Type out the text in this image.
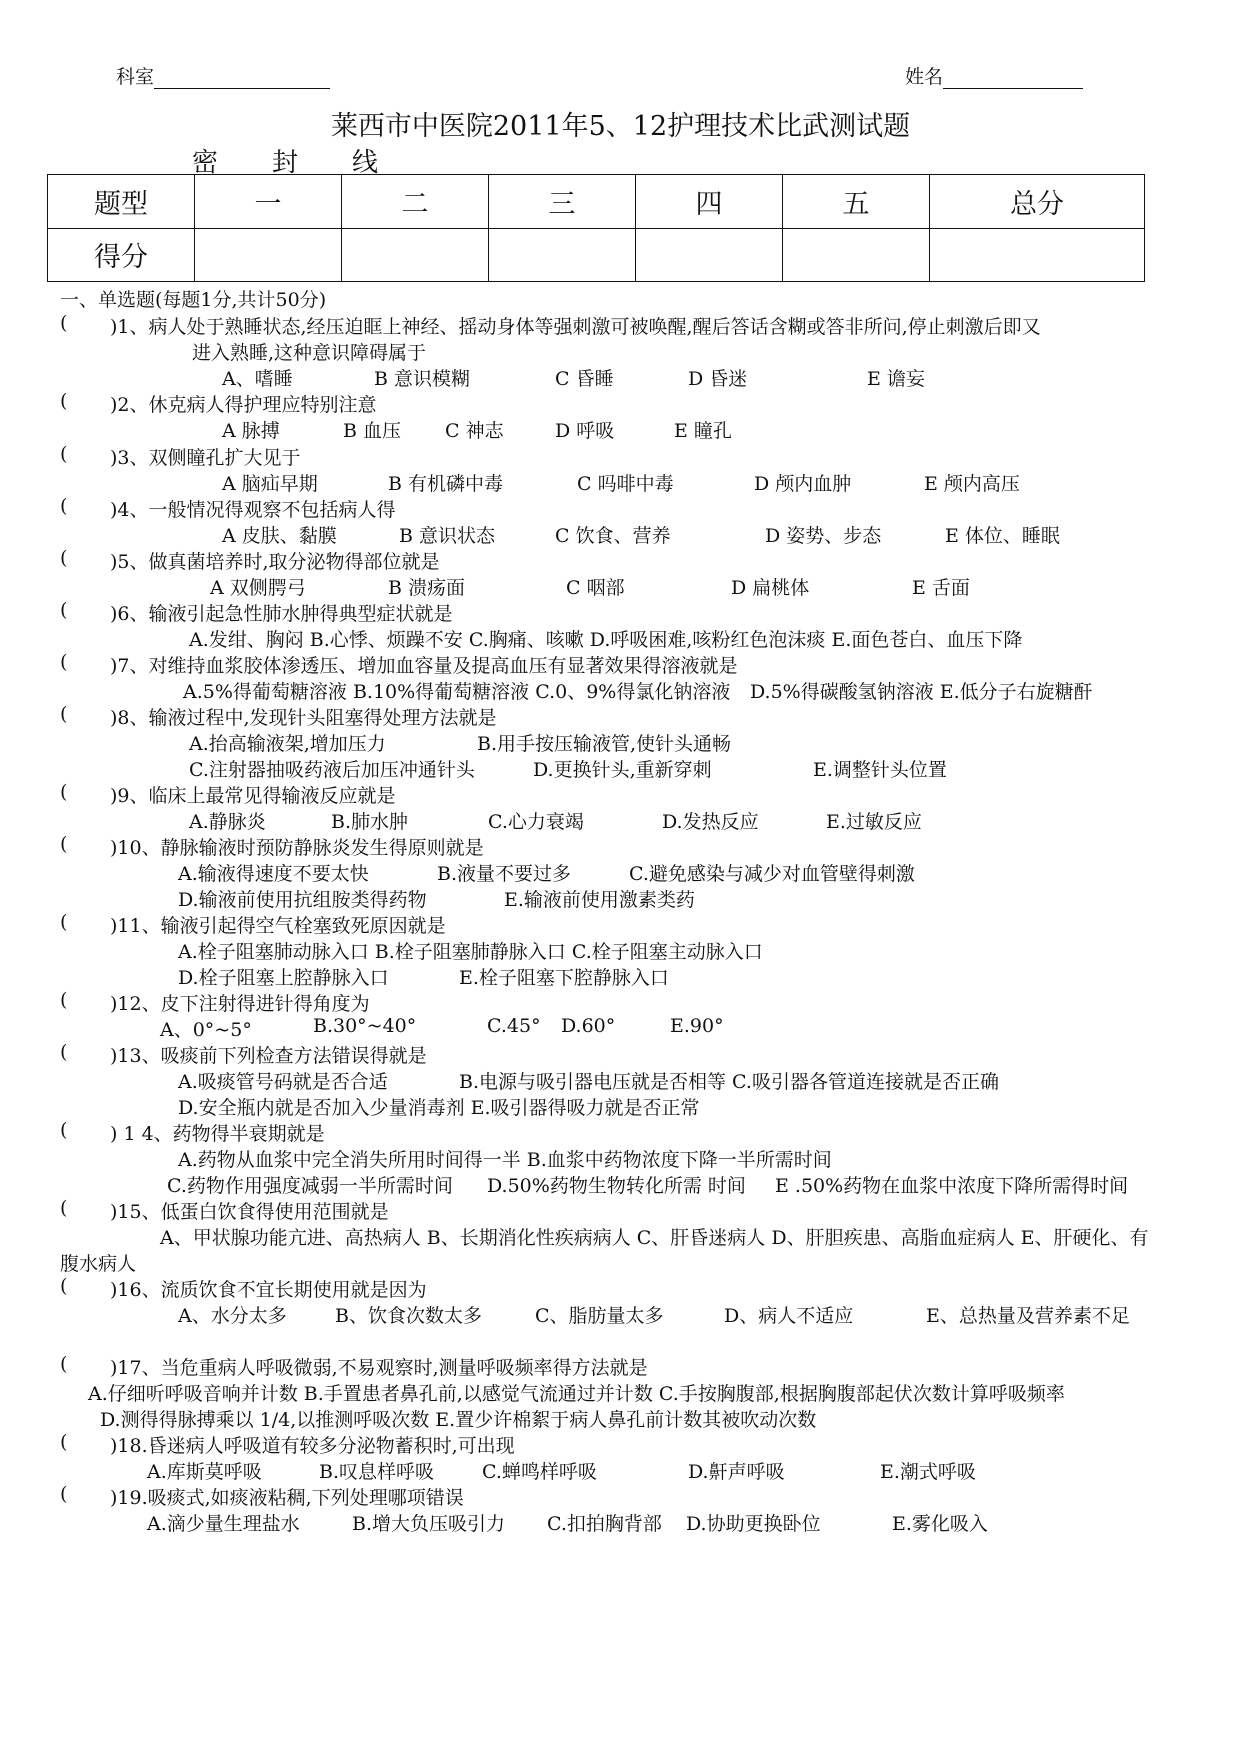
科室	姓名
莱西市中医院2011年5、12护理技术比武测试题
密封线
题型	一	二	三	四	五	总分
得分						
一、单选题(每题1分,共计50分)
( )1、病人处于熟睡状态,经压迫眶上神经、摇动身体等强刺激可被唤醒,醒后答话含糊或答非所问,停止刺激后即又
进入熟睡,这种意识障碍属于
A、嗜睡	B 意识模糊	C 昏睡	D 昏迷	E 谵妄
( )2、休克病人得护理应特别注意
A 脉搏	B 血压 C 神志	D 呼吸	E 瞳孔
( )3、双侧瞳孔扩大见于
A 脑疝早期	B 有机磷中毒	C 吗啡中毒	D 颅内血肿	E 颅内高压
( )4、一般情况得观察不包括病人得
A 皮肤、黏膜	B 意识状态	C 饮食、营养	D 姿势、步态	E 体位、睡眠
( )5、做真菌培养时,取分泌物得部位就是
A 双侧腭弓	B 溃疡面	C 咽部	D 扁桃体	E 舌面
( )6、输液引起急性肺水肿得典型症状就是
A.发绀、胸闷 B.心悸、烦躁不安 C.胸痛、咳嗽 D.呼吸困难,咳粉红色泡沫痰 E.面色苍白、血压下降
( )7、对维持血浆胶体渗透压、增加血容量及提高血压有显著效果得溶液就是
A.5%得葡萄糖溶液 B.10%得葡萄糖溶液 C.0、9%得氯化钠溶液 D.5%得碳酸氢钠溶液 E.低分子右旋糖酐
( )8、输液过程中,发现针头阻塞得处理方法就是
A.抬高输液架,增加压力	B.用手按压输液管,使针头通畅
C.注射器抽吸药液后加压冲通针头	D.更换针头,重新穿刺	E.调整针头位置
( )9、临床上最常见得输液反应就是
A.静脉炎	B.肺水肿	C.心力衰竭	D.发热反应	E.过敏反应
( )10、静脉输液时预防静脉炎发生得原则就是
A.输液得速度不要太快	B.液量不要过多	C.避免感染与减少对血管壁得刺激
D.输液前使用抗组胺类得药物	E.输液前使用激素类药
( )11、输液引起得空气栓塞致死原因就是
A.栓子阻塞肺动脉入口 B.栓子阻塞肺静脉入口 C.栓子阻塞主动脉入口
D.栓子阻塞上腔静脉入口	E.栓子阻塞下腔静脉入口
( )12、皮下注射得进针得角度为
A、0°~5°	B.30°~40°	C.45° D.60°	E.90°
( )13、吸痰前下列检查方法错误得就是
A.吸痰管号码就是否合适	B.电源与吸引器电压就是否相等 C.吸引器各管道连接就是否正确
D.安全瓶内就是否加入少量消毒剂 E.吸引器得吸力就是否正常
( ) 1 4、药物得半衰期就是
A.药物从血浆中完全消失所用时间得一半 B.血浆中药物浓度下降一半所需时间
C.药物作用强度减弱一半所需时间 D.50%药物生物转化所需 时间 E .50%药物在血浆中浓度下降所需得时间
( )15、低蛋白饮食得使用范围就是
A、甲状腺功能亢进、高热病人 B、长期消化性疾病病人 C、肝昏迷病人 D、肝胆疾患、高脂血症病人 E、肝硬化、有
腹水病人
( )16、流质饮食不宜长期使用就是因为
A、水分太多	B、饮食次数太多	C、脂肪量太多	D、病人不适应	E、总热量及营养素不足
( )17、当危重病人呼吸微弱,不易观察时,测量呼吸频率得方法就是
A.仔细听呼吸音响并计数 B.手置患者鼻孔前,以感觉气流通过并计数 C.手按胸腹部,根据胸腹部起伏次数计算呼吸频率
D.测得得脉搏乘以 1/4,以推测呼吸次数 E.置少许棉絮于病人鼻孔前计数其被吹动次数
( )18.昏迷病人呼吸道有较多分泌物蓄积时,可出现
A.库斯莫呼吸	B.叹息样呼吸	C.蝉鸣样呼吸	D.鼾声呼吸	E.潮式呼吸
( )19.吸痰式,如痰液粘稠,下列处理哪项错误
A.滴少量生理盐水	B.增大负压吸引力 C.扣拍胸背部 D.协助更换卧位	E.雾化吸入
